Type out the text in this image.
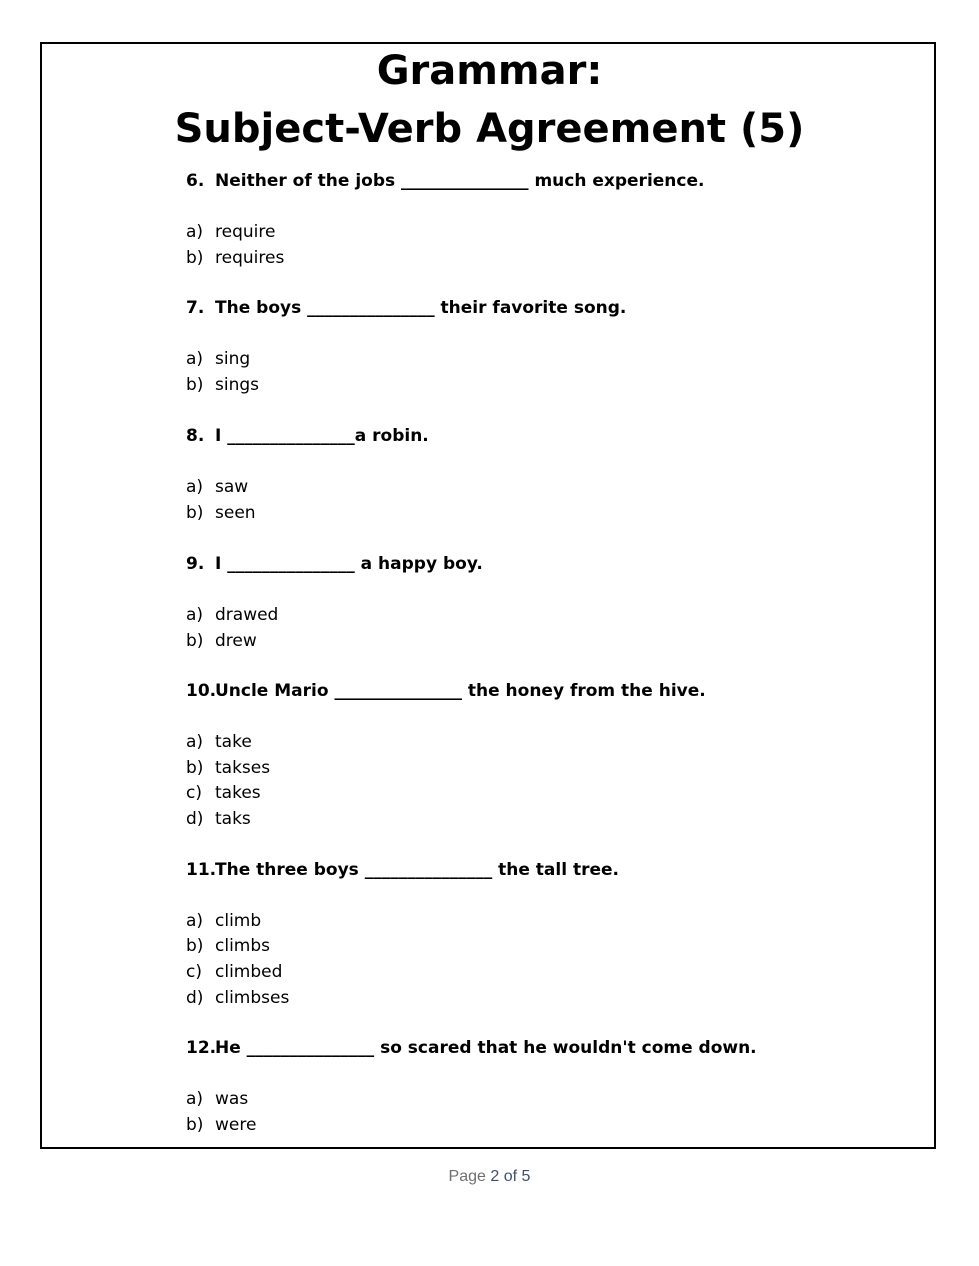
Grammar:
Subject-Verb Agreement (5)
6. Neither of the jobs _______________ much experience.
a) require
b) requires
7. The boys _______________ their favorite song.
a) sing
b) sings
8. I _______________a robin.
a) saw
b) seen
9. I _______________ a happy boy.
a) drawed
b) drew
10.Uncle Mario _______________ the honey from the hive.
a) take
b) takses
c) takes
d) taks
11.The three boys _______________ the tall tree.
a) climb
b) climbs
c) climbed
d) climbses
12.He _______________ so scared that he wouldn't come down.
a) was
b) were
Page 2 of 5
